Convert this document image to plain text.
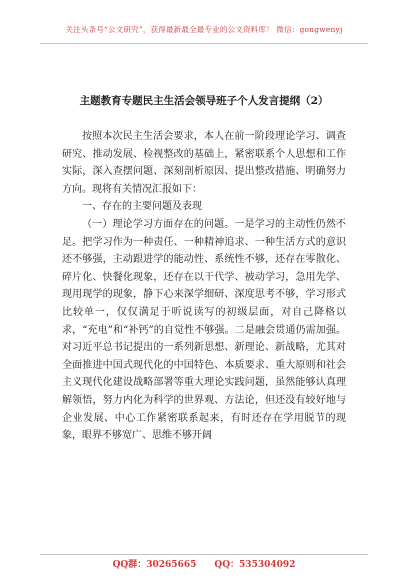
关注头条号“公文研究”，获得最新最全最专业的公文资料库！ 微信：gongwenyj
主题教育专题民主生活会领导班子个人发言提纲（2）

按照本次民主生活会要求，本人在前一阶段理论学习、调查研究、推动发展、检视整改的基础上，紧密联系个人思想和工作实际，深入查摆问题、深刻剖析原因、提出整改措施、明确努力方向。现将有关情况汇报如下：

一、存在的主要问题及表现

（一）理论学习方面存在的问题。一是学习的主动性仍然不足。把学习作为一种责任、一种精神追求、一种生活方式的意识还不够强，主动跟进学的能动性、系统性不够，还存在零散化、碎片化、快餐化现象，还存在以干代学、被动学习，急用先学、现用现学的现象，静下心来深学细研、深度思考不够，学习形式比较单一，仅仅满足于听说读写的初级层面，对自己降格以求，“充电”和“补钙”的自觉性不够强。二是融会贯通仍需加强。对习近平总书记提出的一系列新思想、新理论、新战略，尤其对全面推进中国式现代化的中国特色、本质要求、重大原则和社会主义现代化建设战略部署等重大理论实践问题，虽然能够认真理解领悟，努力内化为科学的世界观、方法论，但还没有较好地与企业发展、中心工作紧密联系起来，有时还存在学用脱节的现象，眼界不够宽广、思维不够开阔

QQ群：30265665 QQ：535304092
